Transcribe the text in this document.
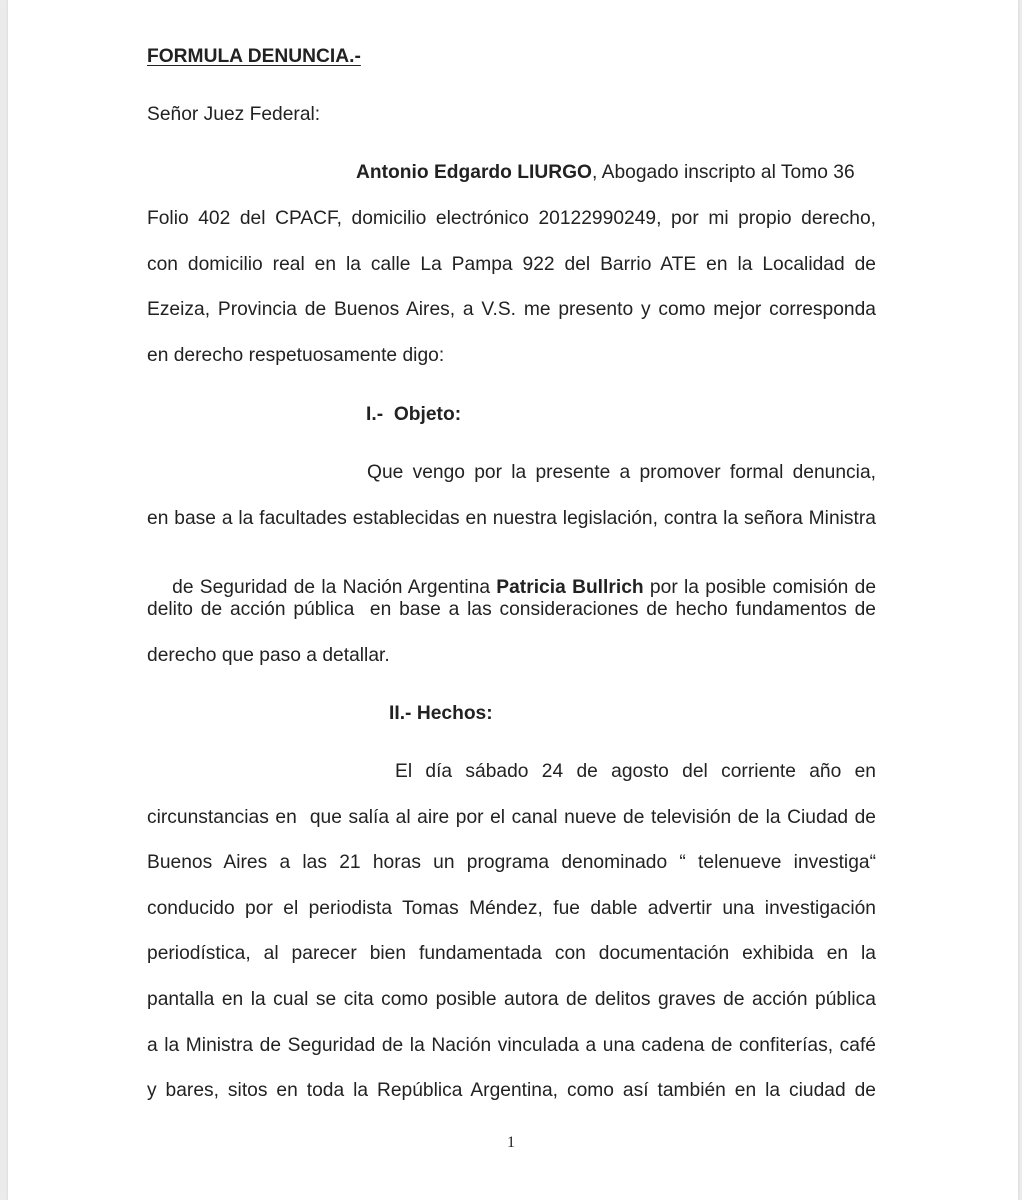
FORMULA DENUNCIA.-
Señor Juez Federal:
Antonio Edgardo LIURGO, Abogado inscripto al Tomo 36
Folio 402 del CPACF, domicilio electrónico 20122990249, por mi propio derecho,
con domicilio real en la calle La Pampa 922 del Barrio ATE en la Localidad de
Ezeiza, Provincia de Buenos Aires, a V.S. me presento y como mejor corresponda
en derecho respetuosamente digo:
I.-  Objeto:
Que vengo por la presente a promover formal denuncia,
en base a la facultades establecidas en nuestra legislación, contra la señora Ministra

de Seguridad de la Nación Argentina Patricia Bullrich por la posible comisión de

delito de acción pública  en base a las consideraciones de hecho fundamentos de
derecho que paso a detallar.
II.- Hechos:
El día sábado 24 de agosto del corriente año en
circunstancias en  que salía al aire por el canal nueve de televisión de la Ciudad de
Buenos Aires a las 21 horas un programa denominado “ telenueve investiga“
conducido por el periodista Tomas Méndez, fue dable advertir una investigación
periodística, al parecer bien fundamentada con documentación exhibida en la
pantalla en la cual se cita como posible autora de delitos graves de acción pública
a la Ministra de Seguridad de la Nación vinculada a una cadena de confiterías, café
y bares, sitos en toda la República Argentina, como así también en la ciudad de
1
